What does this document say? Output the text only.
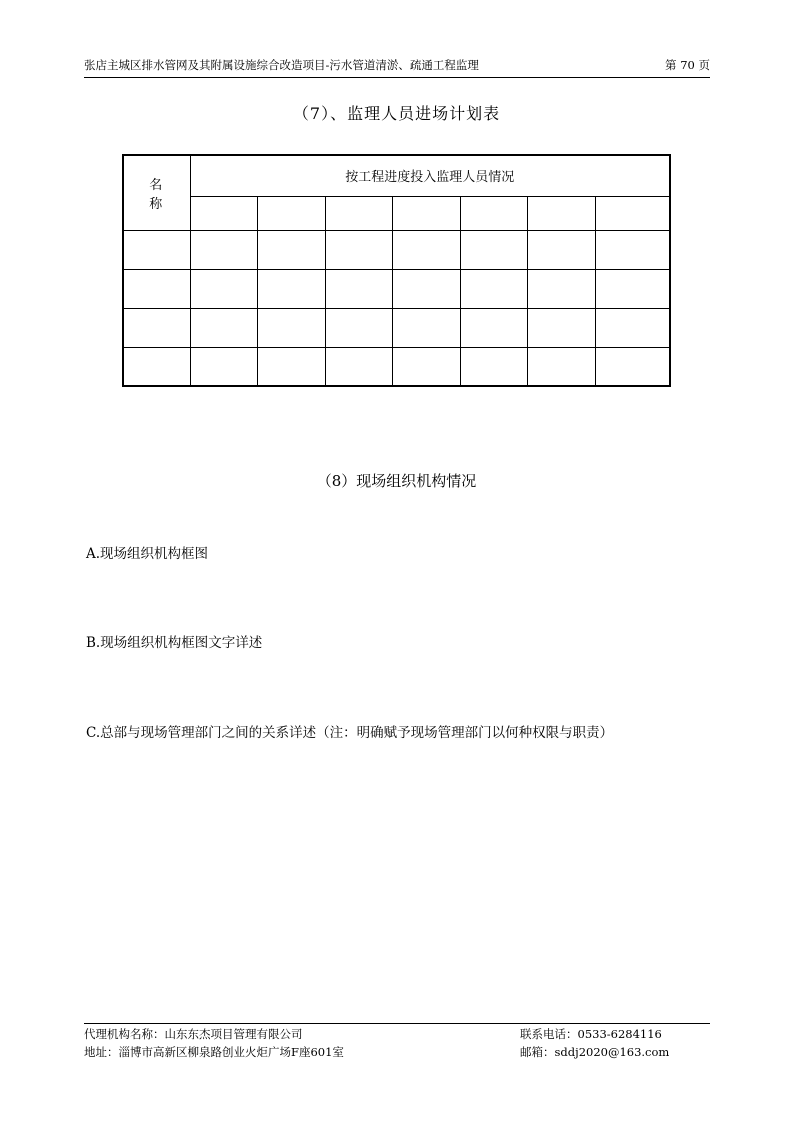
张店主城区排水管网及其附属设施综合改造项目-污水管道清淤、疏通工程监理	第 70 页
（7）、监理人员进场计划表
名 称	按工程进度投入监理人员情况						

（8）现场组织机构情况
A.现场组织机构框图
B.现场组织机构框图文字详述
C.总部与现场管理部门之间的关系详述（注：明确赋予现场管理部门以何种权限与职责）
代理机构名称：山东东杰项目管理有限公司	联系电话：0533-6284116
地址：淄博市高新区柳泉路创业火炬广场F座601室	邮箱：sddj2020@163.com
